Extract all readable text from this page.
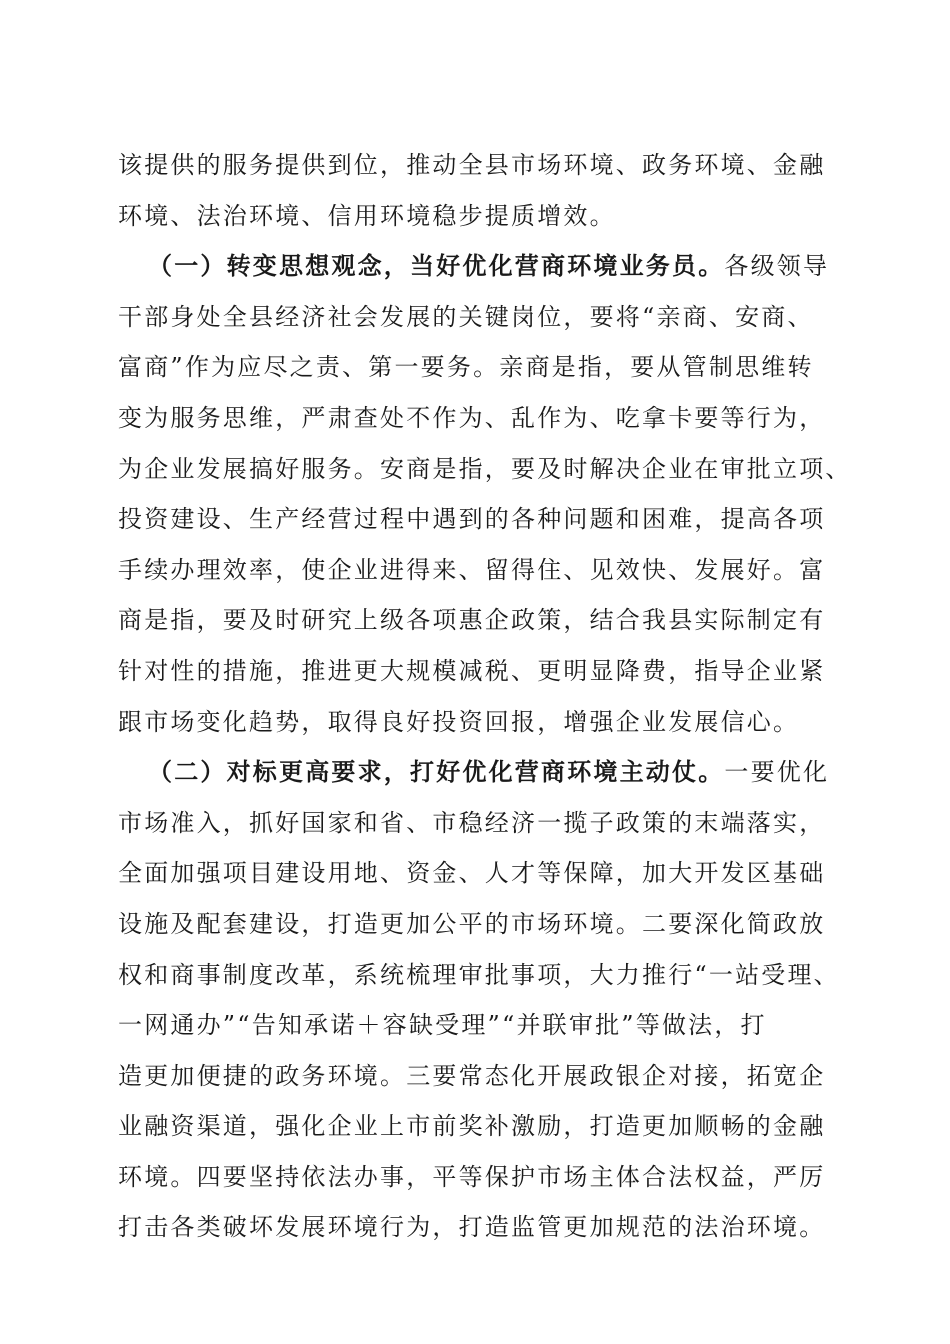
该提供的服务提供到位，推动全县市场环境、政务环境、金融
环境、法治环境、信用环境稳步提质增效。
（一）转变思想观念，当好优化营商环境业务员。各级领导
干部身处全县经济社会发展的关键岗位，要将“亲商、安商、
富商”作为应尽之责、第一要务。亲商是指，要从管制思维转
变为服务思维，严肃查处不作为、乱作为、吃拿卡要等行为，
为企业发展搞好服务。安商是指，要及时解决企业在审批立项、
投资建设、生产经营过程中遇到的各种问题和困难，提高各项
手续办理效率，使企业进得来、留得住、见效快、发展好。富
商是指，要及时研究上级各项惠企政策，结合我县实际制定有
针对性的措施，推进更大规模减税、更明显降费，指导企业紧
跟市场变化趋势，取得良好投资回报，增强企业发展信心。
（二）对标更高要求，打好优化营商环境主动仗。一要优化
市场准入，抓好国家和省、市稳经济一揽子政策的末端落实，
全面加强项目建设用地、资金、人才等保障，加大开发区基础
设施及配套建设，打造更加公平的市场环境。二要深化简政放
权和商事制度改革，系统梳理审批事项，大力推行“一站受理、
一网通办”“告知承诺＋容缺受理”“并联审批”等做法，打
造更加便捷的政务环境。三要常态化开展政银企对接，拓宽企
业融资渠道，强化企业上市前奖补激励，打造更加顺畅的金融
环境。四要坚持依法办事，平等保护市场主体合法权益，严厉
打击各类破坏发展环境行为，打造监管更加规范的法治环境。
